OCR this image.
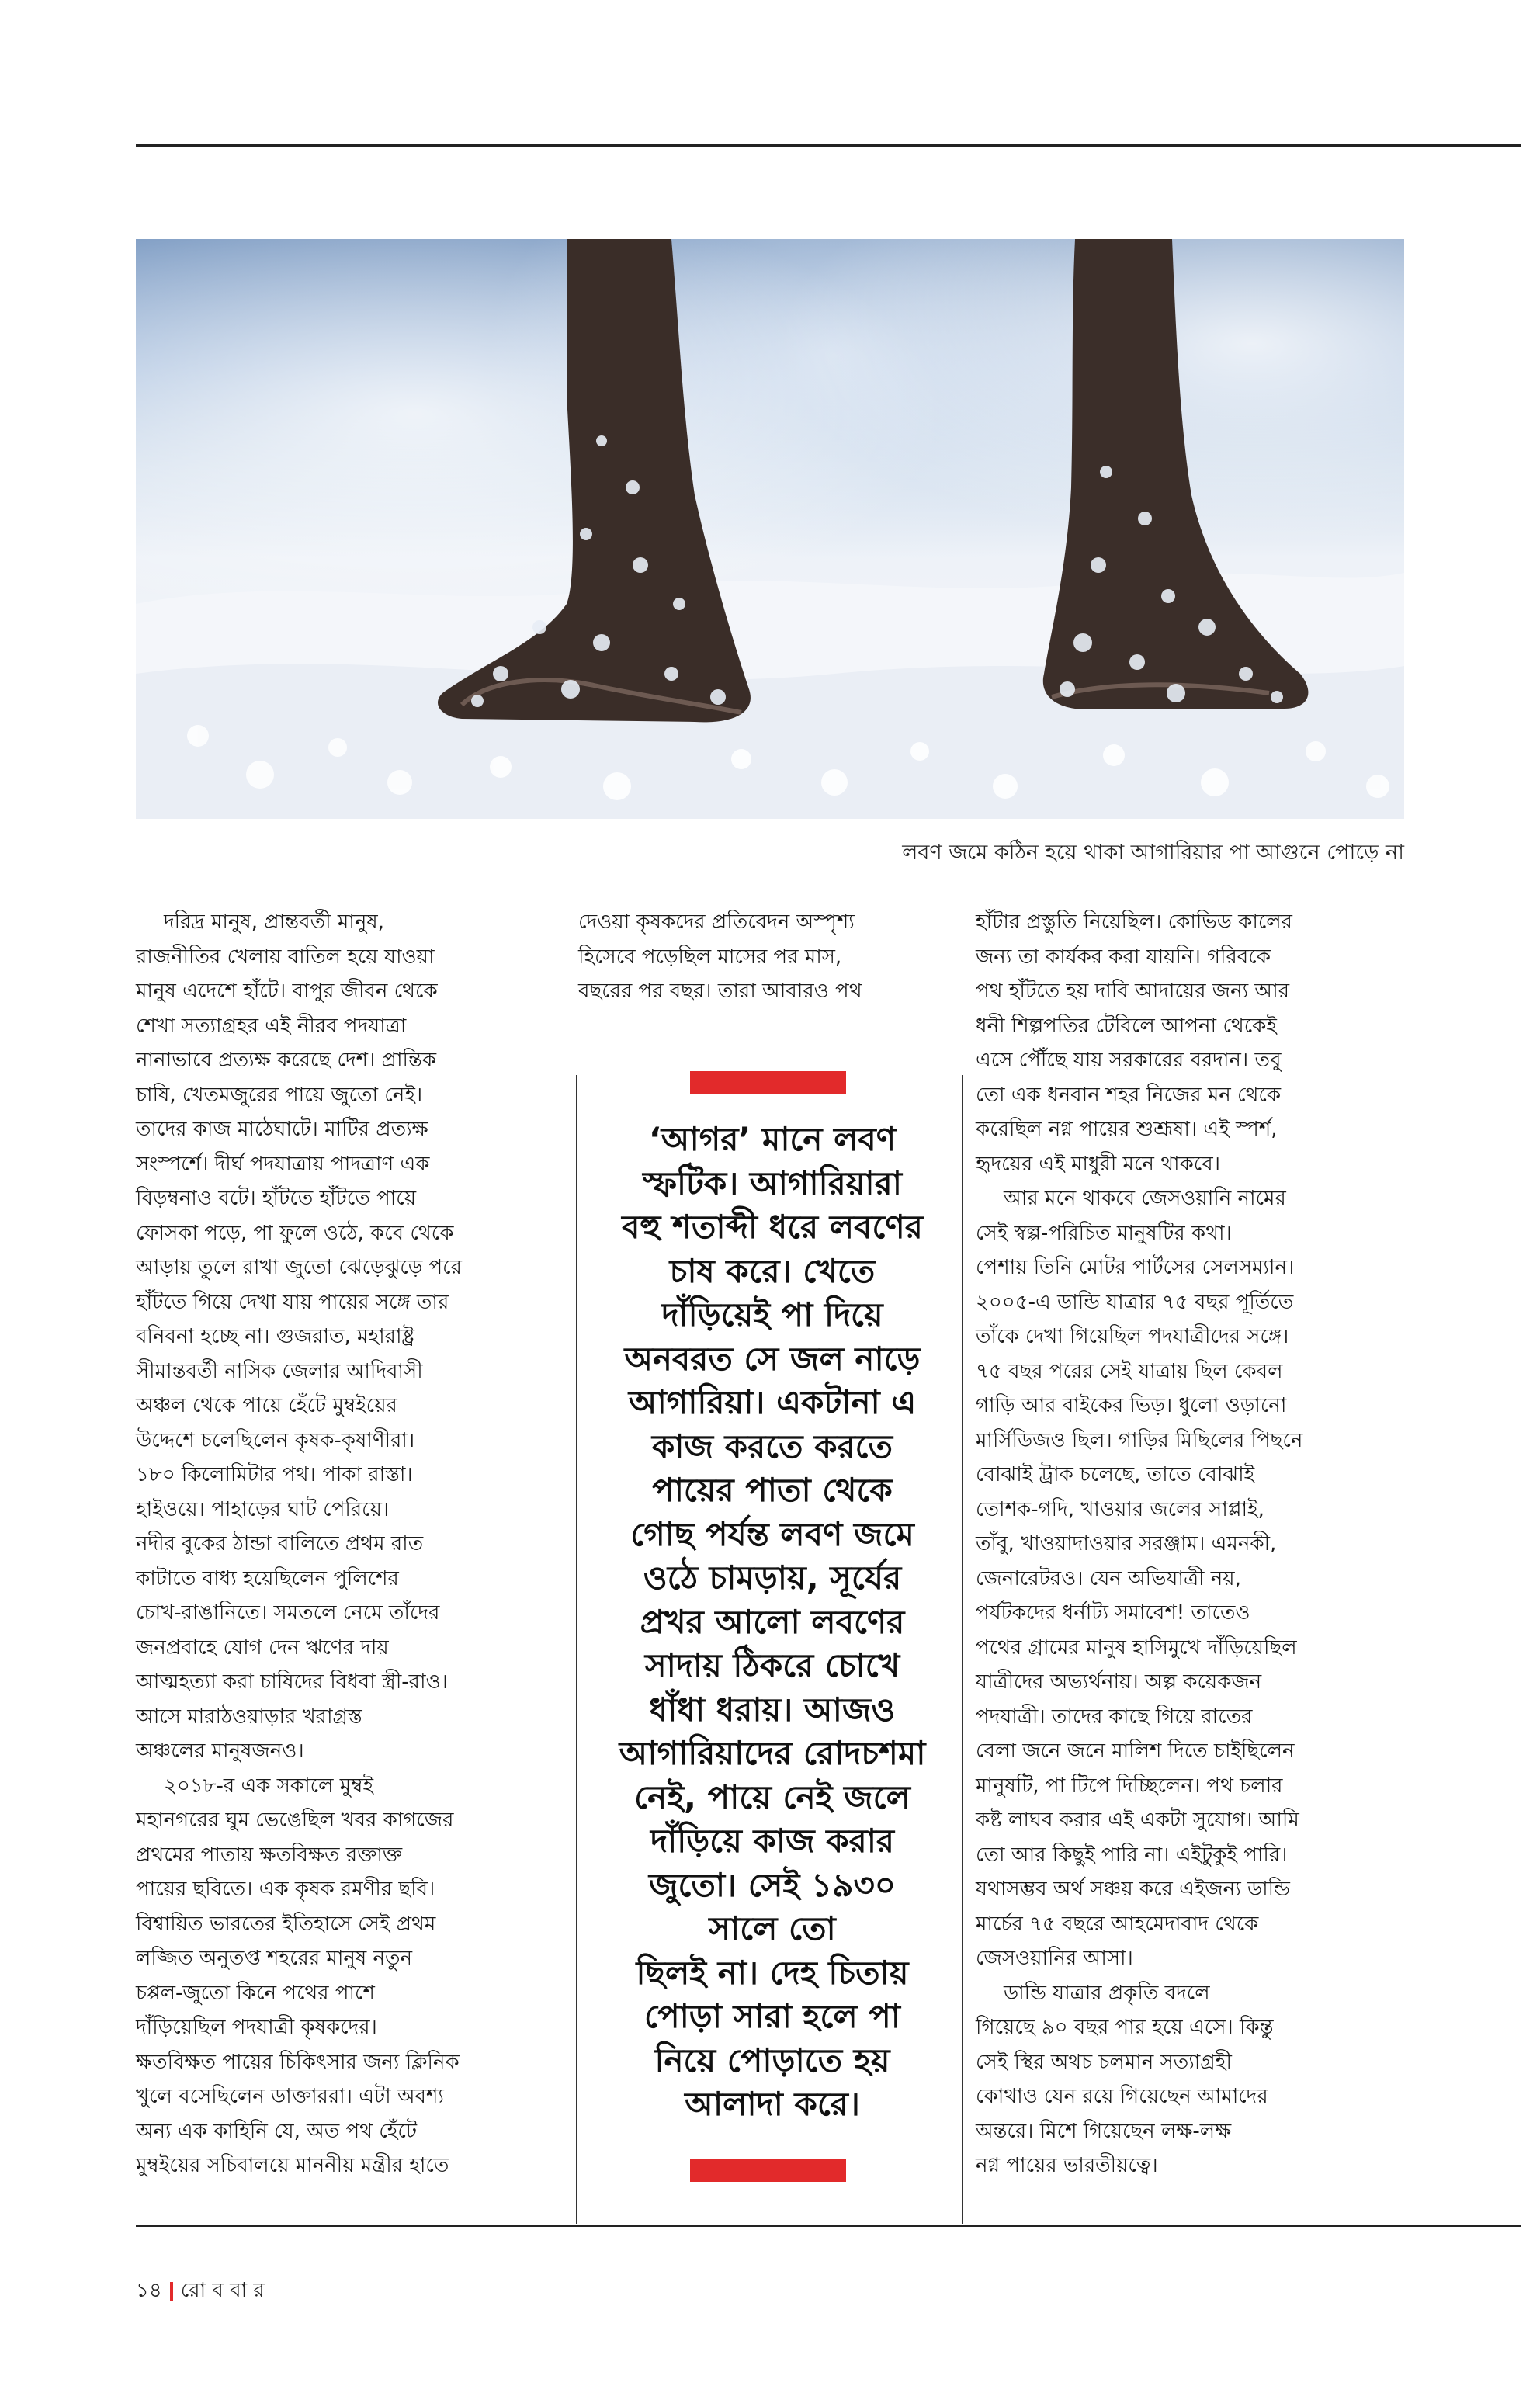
লবণ জমে কঠিন হয়ে থাকা আগারিয়ার পা আগুনে পোড়ে না

দরিদ্র মানুষ, প্রান্তবর্তী মানুষ,

রাজনীতির খেলায় বাতিল হয়ে যাওয়া

মানুষ এদেশে হাঁটে। বাপুর জীবন থেকে

শেখা সত্যাগ্রহর এই নীরব পদযাত্রা

নানাভাবে প্রত্যক্ষ করেছে দেশ। প্রান্তিক

চাষি, খেতমজুরের পায়ে জুতো নেই।

তাদের কাজ মাঠেঘাটে। মাটির প্রত্যক্ষ

সংস্পর্শে। দীর্ঘ পদযাত্রায় পাদত্রাণ এক

বিড়ম্বনাও বটে। হাঁটতে হাঁটতে পায়ে

ফোসকা পড়ে, পা ফুলে ওঠে, কবে থেকে

আড়ায় তুলে রাখা জুতো ঝেড়েঝুড়ে পরে

হাঁটতে গিয়ে দেখা যায় পায়ের সঙ্গে তার

বনিবনা হচ্ছে না। গুজরাত, মহারাষ্ট্র

সীমান্তবর্তী নাসিক জেলার আদিবাসী

অঞ্চল থেকে পায়ে হেঁটে মুম্বইয়ের

উদ্দেশে চলেছিলেন কৃষক-কৃষাণীরা।

১৮০ কিলোমিটার পথ। পাকা রাস্তা।

হাইওয়ে। পাহাড়ের ঘাট পেরিয়ে।

নদীর বুকের ঠান্ডা বালিতে প্রথম রাত

কাটাতে বাধ্য হয়েছিলেন পুলিশের

চোখ-রাঙানিতে। সমতলে নেমে তাঁদের

জনপ্রবাহে যোগ দেন ঋণের দায়

আত্মহত্যা করা চাষিদের বিধবা স্ত্রী-রাও।

আসে মারাঠওয়াড়ার খরাগ্রস্ত

অঞ্চলের মানুষজনও।

২০১৮-র এক সকালে মুম্বই

মহানগরের ঘুম ভেঙেছিল খবর কাগজের

প্রথমের পাতায় ক্ষতবিক্ষত রক্তাক্ত

পায়ের ছবিতে। এক কৃষক রমণীর ছবি।

বিশ্বায়িত ভারতের ইতিহাসে সেই প্রথম

লজ্জিত অনুতপ্ত শহরের মানুষ নতুন

চপ্পল-জুতো কিনে পথের পাশে

দাঁড়িয়েছিল পদযাত্রী কৃষকদের।

ক্ষতবিক্ষত পায়ের চিকিৎসার জন্য ক্লিনিক

খুলে বসেছিলেন ডাক্তাররা। এটা অবশ্য

অন্য এক কাহিনি যে, অত পথ হেঁটে

মুম্বইয়ের সচিবালয়ে মাননীয় মন্ত্রীর হাতে

দেওয়া কৃষকদের প্রতিবেদন অস্পৃশ্য

হিসেবে পড়েছিল মাসের পর মাস,

বছরের পর বছর। তারা আবারও পথ

হাঁটার প্রস্তুতি নিয়েছিল। কোভিড কালের

জন্য তা কার্যকর করা যায়নি। গরিবকে

পথ হাঁটতে হয় দাবি আদায়ের জন্য আর

ধনী শিল্পপতির টেবিলে আপনা থেকেই

এসে পৌঁছে যায় সরকারের বরদান। তবু

তো এক ধনবান শহর নিজের মন থেকে

করেছিল নগ্ন পায়ের শুশ্রূষা। এই স্পর্শ,

হৃদয়ের এই মাধুরী মনে থাকবে।

আর মনে থাকবে জেসওয়ানি নামের

সেই স্বল্প-পরিচিত মানুষটির কথা।

পেশায় তিনি মোটর পার্টসের সেলসম্যান।

২০০৫-এ ডান্ডি যাত্রার ৭৫ বছর পূর্তিতে

তাঁকে দেখা গিয়েছিল পদযাত্রীদের সঙ্গে।

৭৫ বছর পরের সেই যাত্রায় ছিল কেবল

গাড়ি আর বাইকের ভিড়। ধুলো ওড়ানো

মার্সিডিজও ছিল। গাড়ির মিছিলের পিছনে

বোঝাই ট্রাক চলেছে, তাতে বোঝাই

তোশক-গদি, খাওয়ার জলের সাপ্লাই,

তাঁবু, খাওয়াদাওয়ার সরঞ্জাম। এমনকী,

জেনারেটরও। যেন অভিযাত্রী নয়,

পর্যটকদের ধর্নাট্য সমাবেশ! তাতেও

পথের গ্রামের মানুষ হাসিমুখে দাঁড়িয়েছিল

যাত্রীদের অভ্যর্থনায়। অল্প কয়েকজন

পদযাত্রী। তাদের কাছে গিয়ে রাতের

বেলা জনে জনে মালিশ দিতে চাইছিলেন

মানুষটি, পা টিপে দিচ্ছিলেন। পথ চলার

কষ্ট লাঘব করার এই একটা সুযোগ। আমি

তো আর কিছুই পারি না। এইটুকুই পারি।

যথাসম্ভব অর্থ সঞ্চয় করে এইজন্য ডান্ডি

মার্চের ৭৫ বছরে আহমেদাবাদ থেকে

জেসওয়ানির আসা।

ডান্ডি যাত্রার প্রকৃতি বদলে

গিয়েছে ৯০ বছর পার হয়ে এসে। কিন্তু

সেই স্থির অথচ চলমান সত্যাগ্রহী

কোথাও যেন রয়ে গিয়েছেন আমাদের

অন্তরে। মিশে গিয়েছেন লক্ষ-লক্ষ

নগ্ন পায়ের ভারতীয়ত্বে।

‘আগর’ মানে লবণ

স্ফটিক। আগারিয়ারা

বহু শতাব্দী ধরে লবণের

চাষ করে। খেতে

দাঁড়িয়েই পা দিয়ে

অনবরত সে জল নাড়ে

আগারিয়া। একটানা এ

কাজ করতে করতে

পায়ের পাতা থেকে

গোছ পর্যন্ত লবণ জমে

ওঠে চামড়ায়, সূর্যের

প্রখর আলো লবণের

সাদায় ঠিকরে চোখে

ধাঁধা ধরায়। আজও

আগারিয়াদের রোদচশমা

নেই, পায়ে নেই জলে

দাঁড়িয়ে কাজ করার

জুতো। সেই ১৯৩০

সালে তো

ছিলই না। দেহ চিতায়

পোড়া সারা হলে পা

নিয়ে পোড়াতে হয়

আলাদা করে।

১৪ রো ব বা র
